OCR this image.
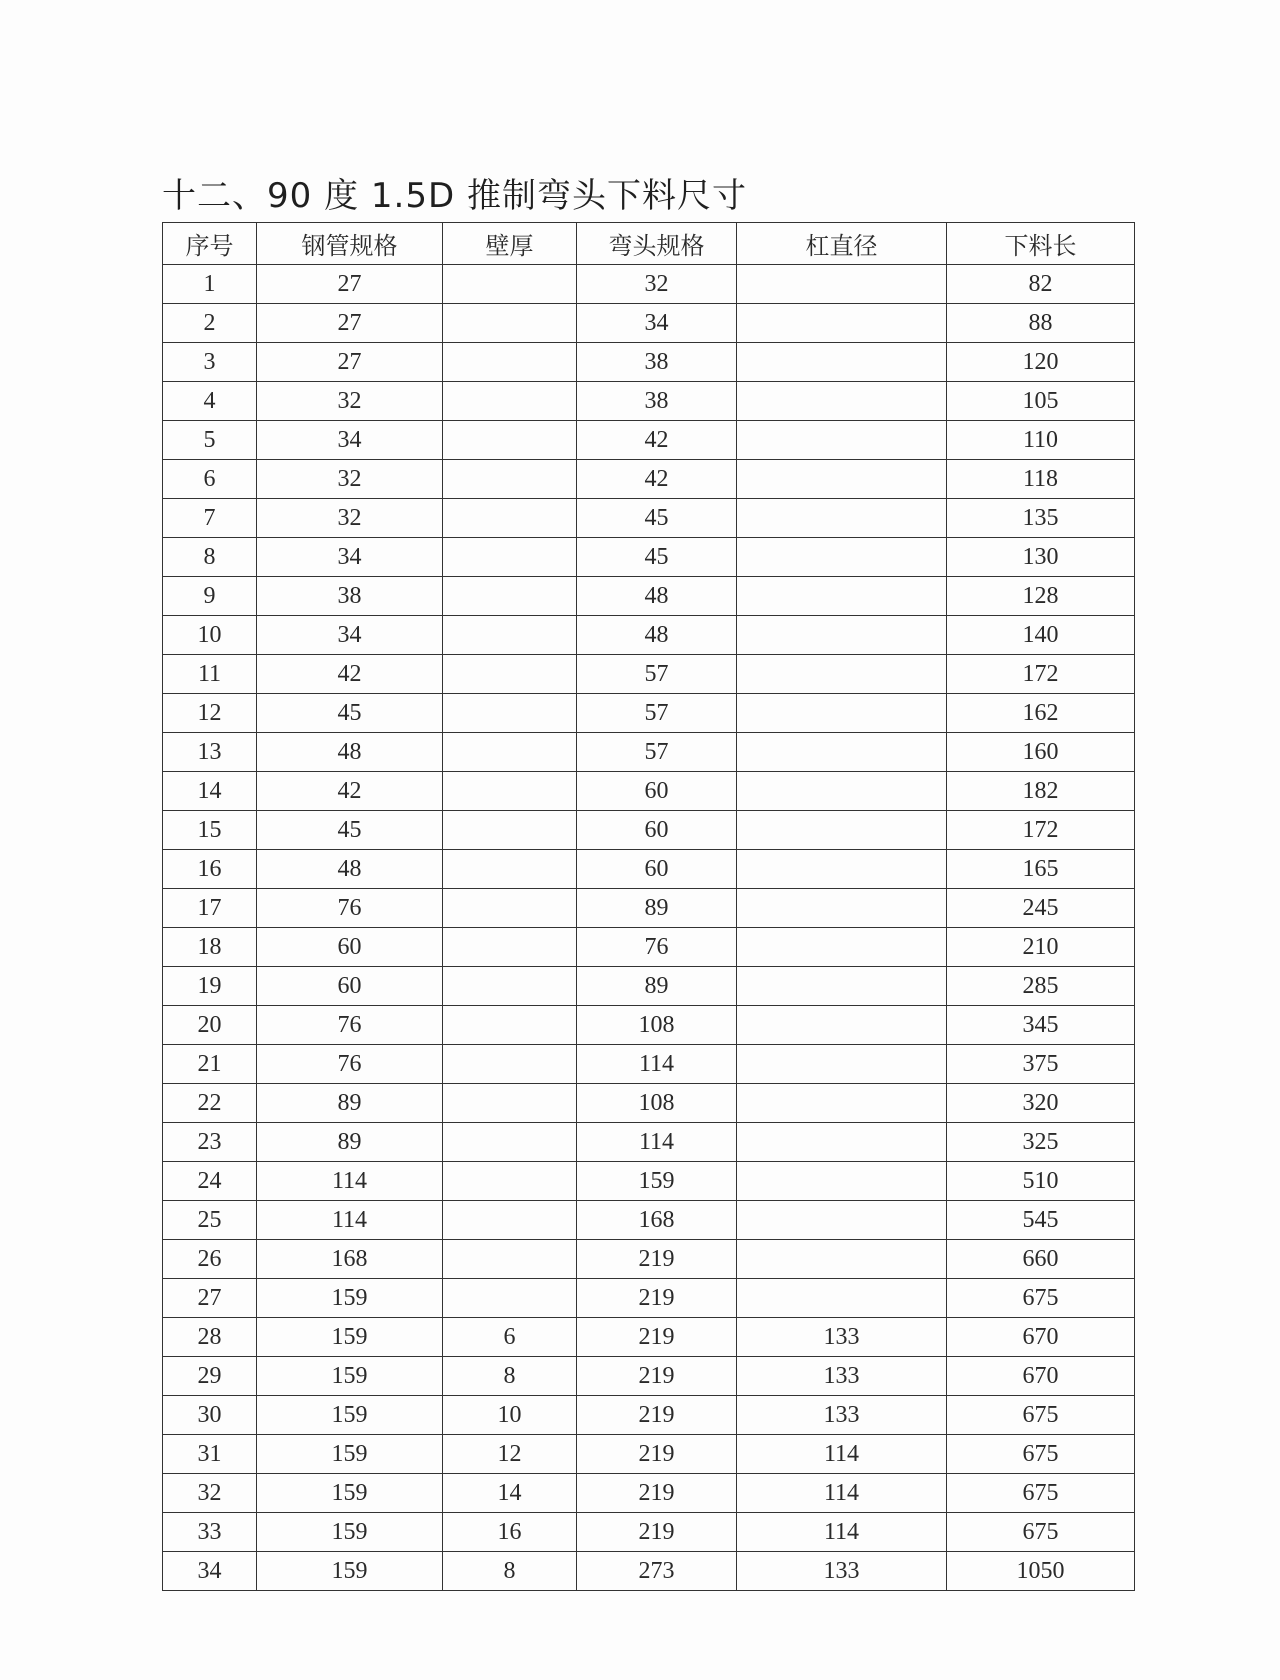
十二、90 度 1.5D 推制弯头下料尺寸
序号	钢管规格	壁厚	弯头规格	杠直径	下料长
1	27		32		82
2	27		34		88
3	27		38		120
4	32		38		105
5	34		42		110
6	32		42		118
7	32		45		135
8	34		45		130
9	38		48		128
10	34		48		140
11	42		57		172
12	45		57		162
13	48		57		160
14	42		60		182
15	45		60		172
16	48		60		165
17	76		89		245
18	60		76		210
19	60		89		285
20	76		108		345
21	76		114		375
22	89		108		320
23	89		114		325
24	114		159		510
25	114		168		545
26	168		219		660
27	159		219		675
28	159	6	219	133	670
29	159	8	219	133	670
30	159	10	219	133	675
31	159	12	219	114	675
32	159	14	219	114	675
33	159	16	219	114	675
34	159	8	273	133	1050
